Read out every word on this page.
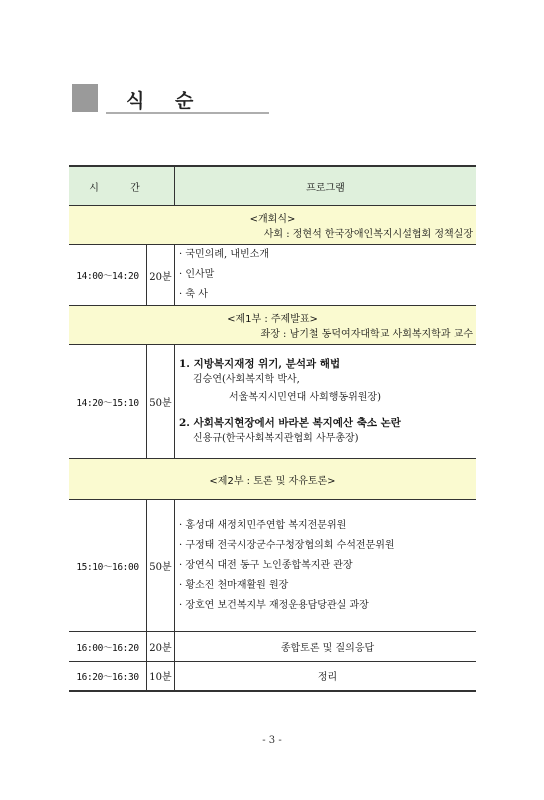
식 순
시 간		프로그램

<개회식>
사회 : 정현석 한국장애인복지시설협회 정책실장		

14:00～14:20	20분	· 국민의례, 내빈소개
· 인사말
· 축 사

<제1부 : 주제발표>
좌장 : 남기철 동덕여자대학교 사회복지학과 교수		

14:20～15:10	50분	1. 지방복지재정 위기, 분석과 해법
김승연(사회복지학 박사,
서울복지시민연대 사회행동위원장)
2. 사회복지현장에서 바라본 복지예산 축소 논란
신용규(한국사회복지관협회 사무총장)

<제2부 : 토론 및 자유토론>		
15:10～16:00	50분	· 홍성대 새정치민주연합 복지전문위원
· 구정태 전국시장군수구청장협의회 수석전문위원
· 장연식 대전 동구 노인종합복지관 관장
· 황소진 천마재활원 원장
· 장호연 보건복지부 재정운용담당관실 과장

16:00～16:20	20분	종합토론 및 질의응답
16:20～16:30	10분	정리
- 3 -
